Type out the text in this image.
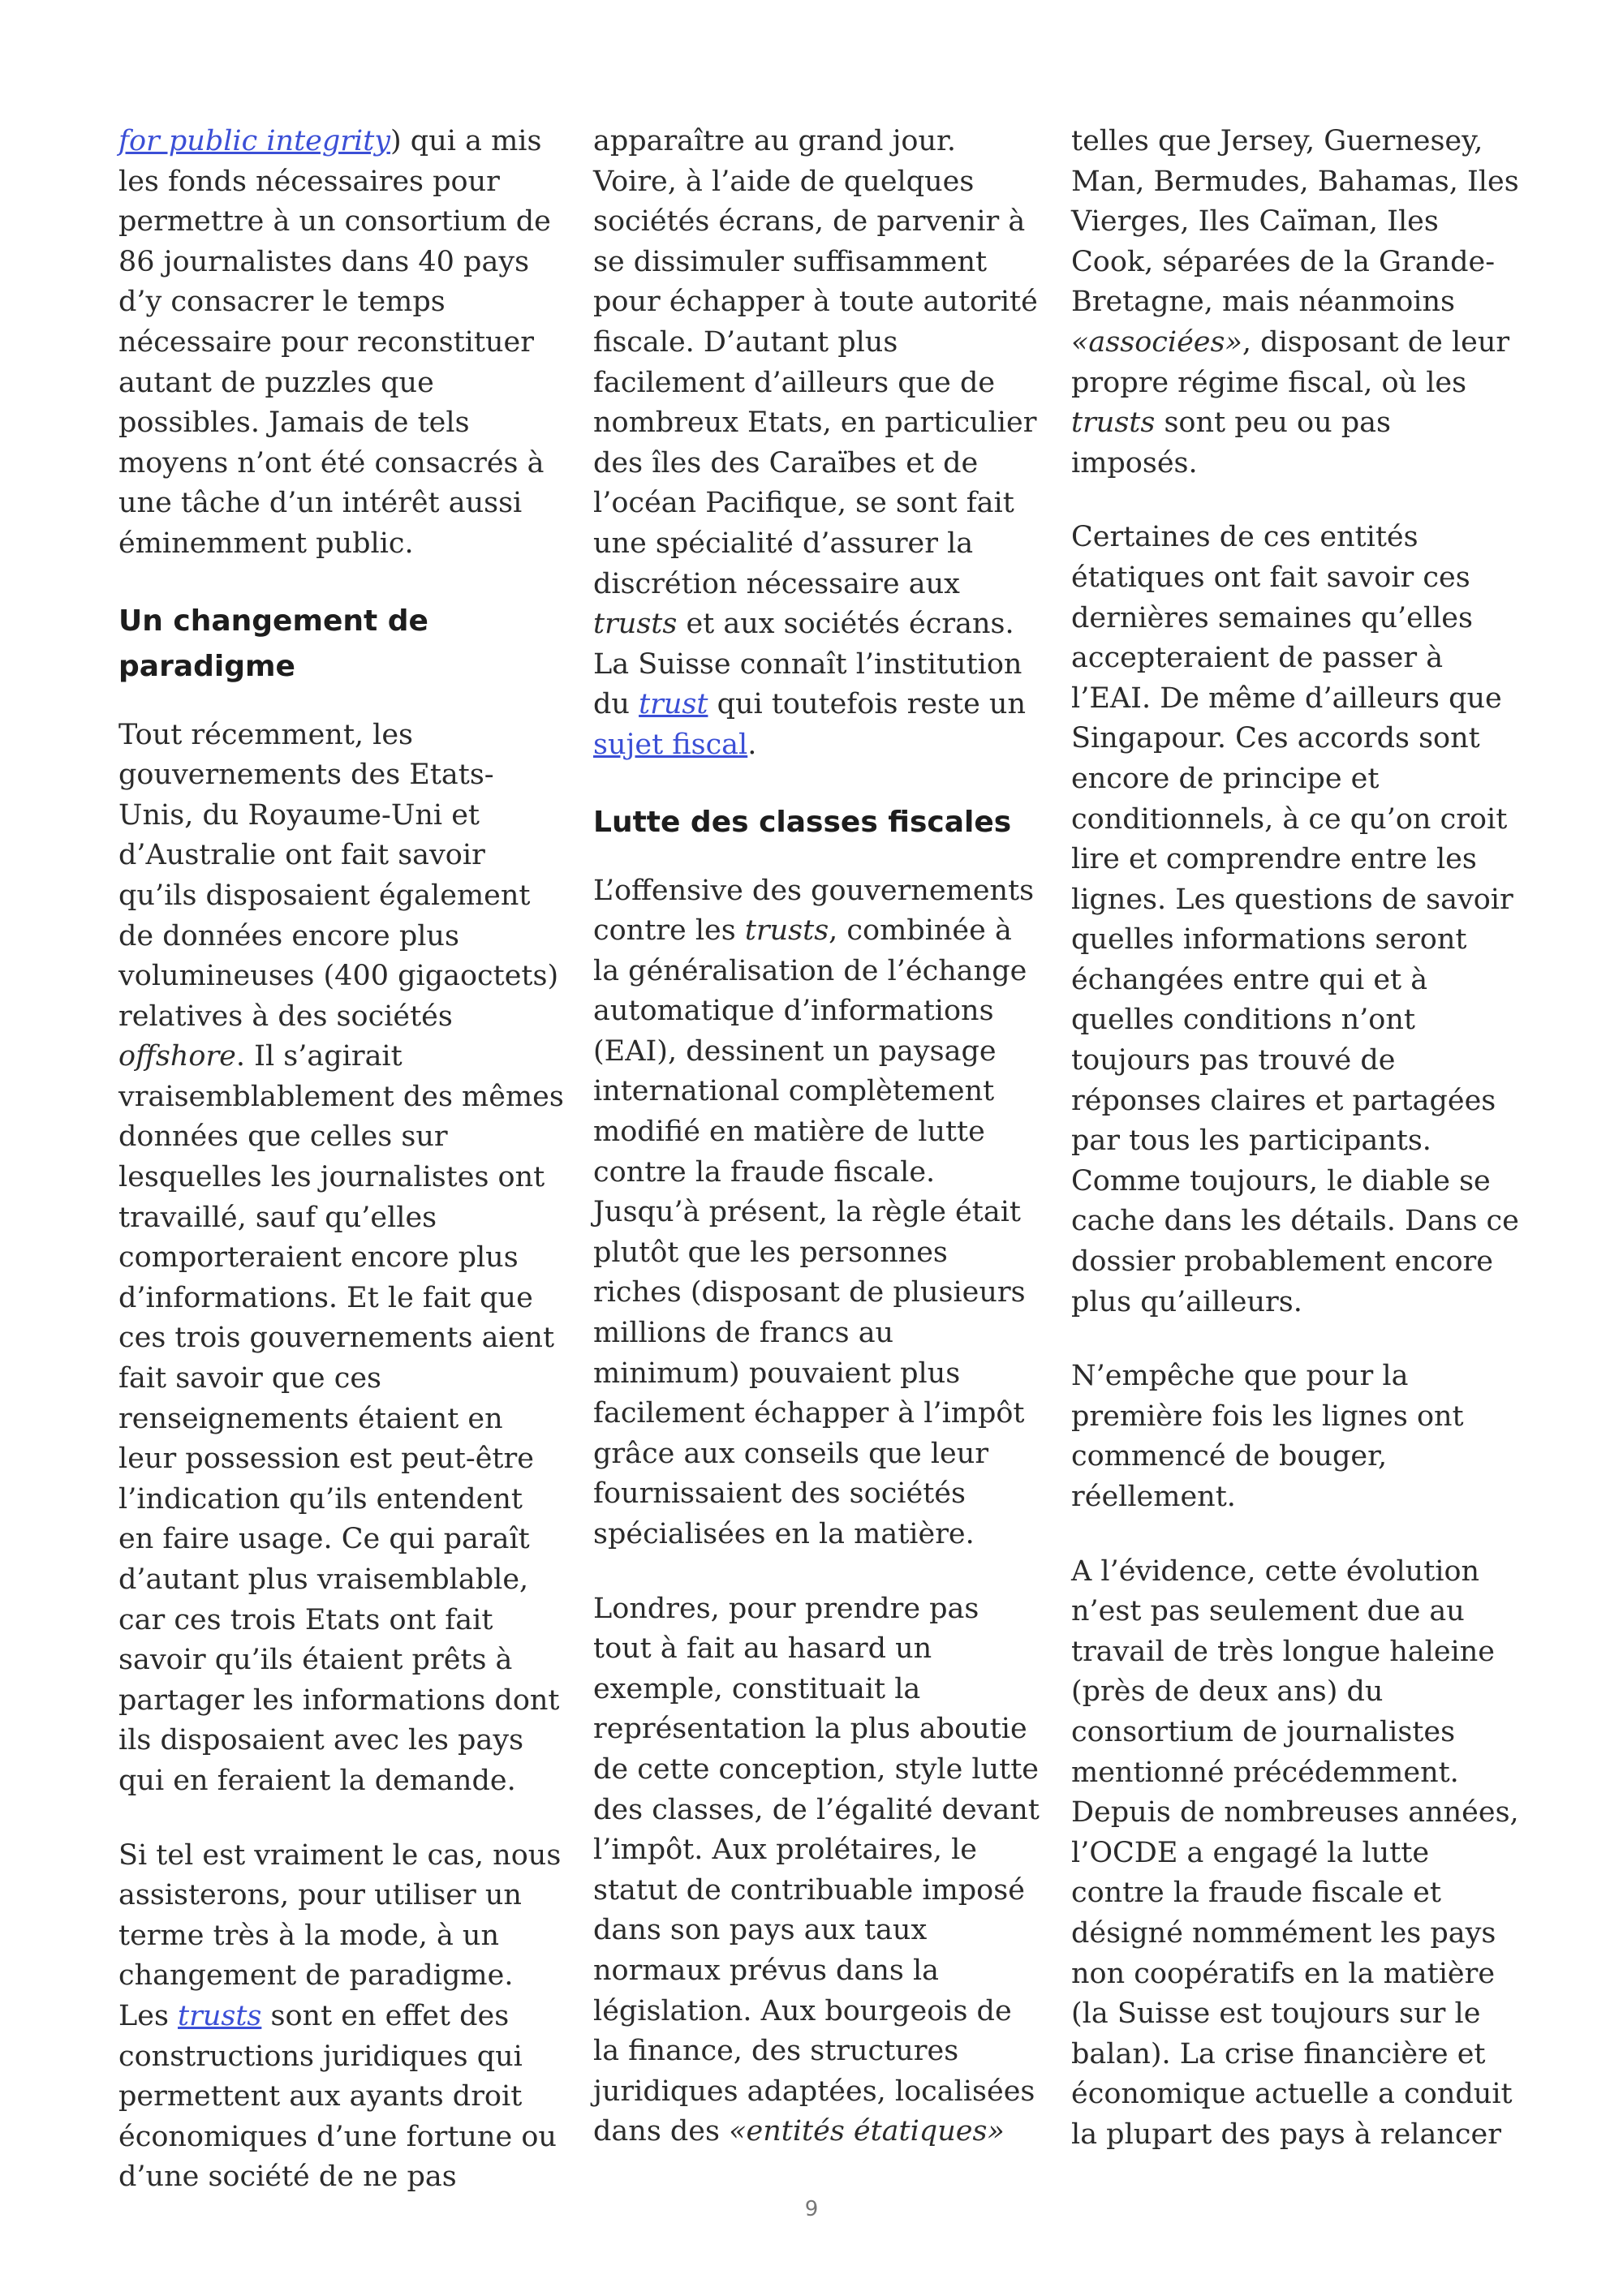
for public integrity) qui a mis les fonds nécessaires pour permettre à un consortium de 86 journalistes dans 40 pays d’y consacrer le temps nécessaire pour reconstituer autant de puzzles que possibles. Jamais de tels moyens n’ont été consacrés à une tâche d’un intérêt aussi éminemment public.

Un changement de paradigme

Tout récemment, les gouvernements des Etats-Unis, du Royaume-Uni et d’Australie ont fait savoir qu’ils disposaient également de données encore plus volumineuses (400 gigaoctets) relatives à des sociétés offshore. Il s’agirait vraisemblablement des mêmes données que celles sur lesquelles les journalistes ont travaillé, sauf qu’elles comporteraient encore plus d’informations. Et le fait que ces trois gouvernements aient fait savoir que ces renseignements étaient en leur possession est peut-être l’indication qu’ils entendent en faire usage. Ce qui paraît d’autant plus vraisemblable, car ces trois Etats ont fait savoir qu’ils étaient prêts à partager les informations dont ils disposaient avec les pays qui en feraient la demande.

Si tel est vraiment le cas, nous assisterons, pour utiliser un terme très à la mode, à un changement de paradigme. Les trusts sont en effet des constructions juridiques qui permettent aux ayants droit économiques d’une fortune ou d’une société de ne pas

apparaître au grand jour. Voire, à l’aide de quelques sociétés écrans, de parvenir à se dissimuler suffisamment pour échapper à toute autorité fiscale. D’autant plus facilement d’ailleurs que de nombreux Etats, en particulier des îles des Caraïbes et de l’océan Pacifique, se sont fait une spécialité d’assurer la discrétion nécessaire aux trusts et aux sociétés écrans. La Suisse connaît l’institution du trust qui toutefois reste un sujet fiscal.

Lutte des classes fiscales

L’offensive des gouvernements contre les trusts, combinée à la généralisation de l’échange automatique d’informations (EAI), dessinent un paysage international complètement modifié en matière de lutte contre la fraude fiscale. Jusqu’à présent, la règle était plutôt que les personnes riches (disposant de plusieurs millions de francs au minimum) pouvaient plus facilement échapper à l’impôt grâce aux conseils que leur fournissaient des sociétés spécialisées en la matière.

Londres, pour prendre pas tout à fait au hasard un exemple, constituait la représentation la plus aboutie de cette conception, style lutte des classes, de l’égalité devant l’impôt. Aux prolétaires, le statut de contribuable imposé dans son pays aux taux normaux prévus dans la législation. Aux bourgeois de la finance, des structures juridiques adaptées, localisées dans des «entités étatiques»

telles que Jersey, Guernesey, Man, Bermudes, Bahamas, Iles Vierges, Iles Caïman, Iles Cook, séparées de la Grande-Bretagne, mais néanmoins «associées», disposant de leur propre régime fiscal, où les trusts sont peu ou pas imposés.

Certaines de ces entités étatiques ont fait savoir ces dernières semaines qu’elles accepteraient de passer à l’EAI. De même d’ailleurs que Singapour. Ces accords sont encore de principe et conditionnels, à ce qu’on croit lire et comprendre entre les lignes. Les questions de savoir quelles informations seront échangées entre qui et à quelles conditions n’ont toujours pas trouvé de réponses claires et partagées par tous les participants. Comme toujours, le diable se cache dans les détails. Dans ce dossier probablement encore plus qu’ailleurs.

N’empêche que pour la première fois les lignes ont commencé de bouger, réellement.

A l’évidence, cette évolution n’est pas seulement due au travail de très longue haleine (près de deux ans) du consortium de journalistes mentionné précédemment. Depuis de nombreuses années, l’OCDE a engagé la lutte contre la fraude fiscale et désigné nommément les pays non coopératifs en la matière (la Suisse est toujours sur le balan). La crise financière et économique actuelle a conduit la plupart des pays à relancer

9
